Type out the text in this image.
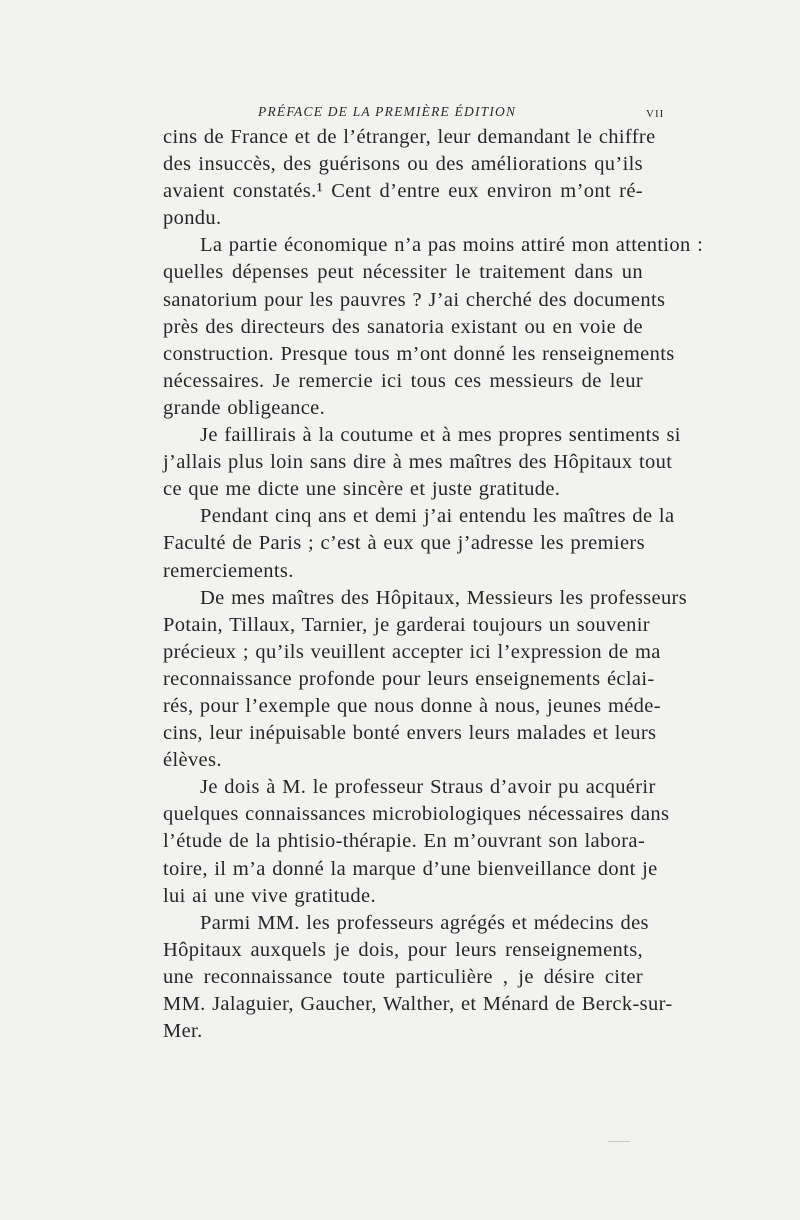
PRÉFACE DE LA PREMIÈRE ÉDITION	VII
cins de France et de l’étranger, leur demandant le chiffre
des insuccès, des guérisons ou des améliorations qu’ils
avaient constatés.¹ Cent d’entre eux environ m’ont ré-
pondu.
La partie économique n’a pas moins attiré mon attention :
quelles dépenses peut nécessiter le traitement dans un
sanatorium pour les pauvres ? J’ai cherché des documents
près des directeurs des sanatoria existant ou en voie de
construction. Presque tous m’ont donné les renseignements
nécessaires. Je remercie ici tous ces messieurs de leur
grande obligeance.
Je faillirais à la coutume et à mes propres sentiments si
j’allais plus loin sans dire à mes maîtres des Hôpitaux tout
ce que me dicte une sincère et juste gratitude.
Pendant cinq ans et demi j’ai entendu les maîtres de la
Faculté de Paris ; c’est à eux que j’adresse les premiers
remerciements.
De mes maîtres des Hôpitaux, Messieurs les professeurs
Potain, Tillaux, Tarnier, je garderai toujours un souvenir
précieux ; qu’ils veuillent accepter ici l’expression de ma
reconnaissance profonde pour leurs enseignements éclai-
rés, pour l’exemple que nous donne à nous, jeunes méde-
cins, leur inépuisable bonté envers leurs malades et leurs
élèves.
Je dois à M. le professeur Straus d’avoir pu acquérir
quelques connaissances microbiologiques nécessaires dans
l’étude de la phtisio-thérapie. En m’ouvrant son labora-
toire, il m’a donné la marque d’une bienveillance dont je
lui ai une vive gratitude.
Parmi MM. les professeurs agrégés et médecins des
Hôpitaux auxquels je dois, pour leurs renseignements,
une reconnaissance toute particulière , je désire citer
MM. Jalaguier, Gaucher, Walther, et Ménard de Berck-sur-
Mer.
